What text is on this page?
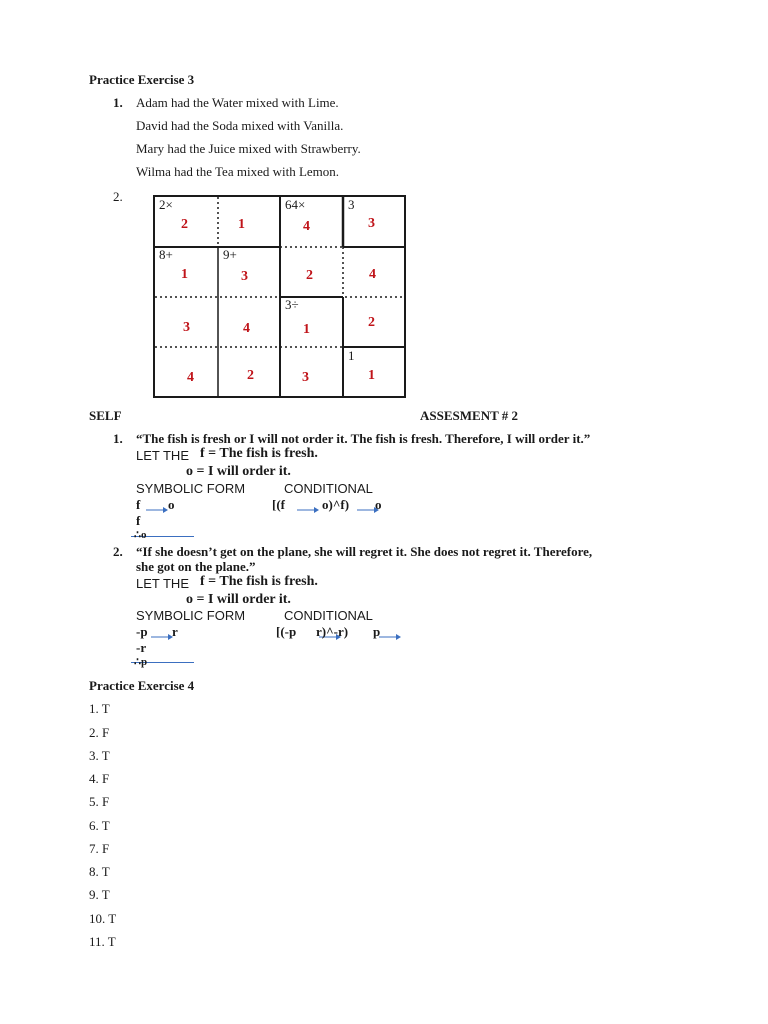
Practice Exercise 3
1. Adam had the Water mixed with Lime.
David had the Soda mixed with Vanilla.
Mary had the Juice mixed with Strawberry.
Wilma had the Tea mixed with Lemon.
2.
2×	64×	3
8+	9+
3÷
1
2	1	4	3
1	3	2	4
3	4	1	2
4	2	3	1
SELF	ASSESMENT # 2
1. “The fish is fresh or I will not order it. The fish is fresh. Therefore, I will order it.”
LET THE f = The fish is fresh.
o = I will order it.
SYMBOLIC FORM	CONDITIONAL
f o	[(f	o)^f) o
f
∴o
2. “If she doesn’t get on the plane, she will regret it. She does not regret it. Therefore,
she got on the plane.”
LET THE f = The fish is fresh.
o = I will order it.
SYMBOLIC FORM	CONDITIONAL
-p r	[(-p r)^-r) p
-r
∴p
Practice Exercise 4
1. T
2. F
3. T
4. F
5. F
6. T
7. F
8. T
9. T
10. T
11. T
